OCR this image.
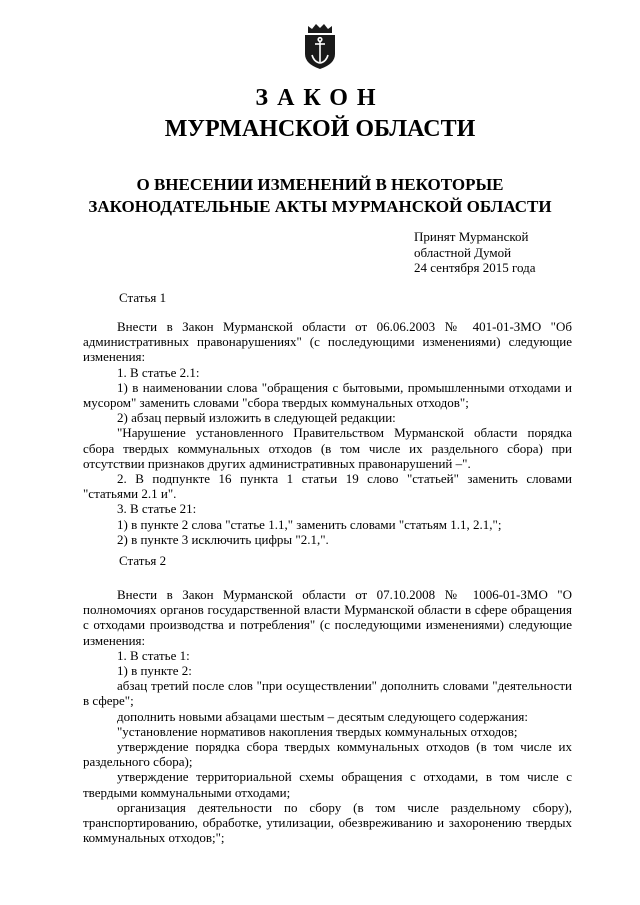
ЗАКОН
МУРМАНСКОЙ ОБЛАСТИ
О ВНЕСЕНИИ ИЗМЕНЕНИЙ В НЕКОТОРЫЕ
ЗАКОНОДАТЕЛЬНЫЕ АКТЫ МУРМАНСКОЙ ОБЛАСТИ
Принят Мурманской
областной Думой
24 сентября 2015 года
Статья 1

Внести в Закон Мурманской области от 06.06.2003 № 401-01-ЗМО "Об административных правонарушениях" (с последующими изменениями) следующие изменения:

1. В статье 2.1:

1) в наименовании слова "обращения с бытовыми, промышленными отходами и мусором" заменить словами "сбора твердых коммунальных отходов";

2) абзац первый изложить в следующей редакции:

"Нарушение установленного Правительством Мурманской области порядка сбора твердых коммунальных отходов (в том числе их раздельного сбора) при отсутствии признаков других административных правонарушений –".

2. В подпункте 16 пункта 1 статьи 19 слово "статьей" заменить словами "статьями 2.1 и".

3. В статье 21:

1) в пункте 2 слова "статье 1.1," заменить словами "статьям 1.1, 2.1,";

2) в пункте 3 исключить цифры "2.1,".

Статья 2

Внести в Закон Мурманской области от 07.10.2008 № 1006-01-ЗМО "О полномочиях органов государственной власти Мурманской области в сфере обращения с отходами производства и потребления" (с последующими изменениями) следующие изменения:

1. В статье 1:

1) в пункте 2:

абзац третий после слов "при осуществлении" дополнить словами "деятельности в сфере";

дополнить новыми абзацами шестым – десятым следующего содержания:

"установление нормативов накопления твердых коммунальных отходов;

утверждение порядка сбора твердых коммунальных отходов (в том числе их раздельного сбора);

утверждение территориальной схемы обращения с отходами, в том числе с твердыми коммунальными отходами;

организация деятельности по сбору (в том числе раздельному сбору), транспортированию, обработке, утилизации, обезвреживанию и захоронению твердых коммунальных отходов;";
